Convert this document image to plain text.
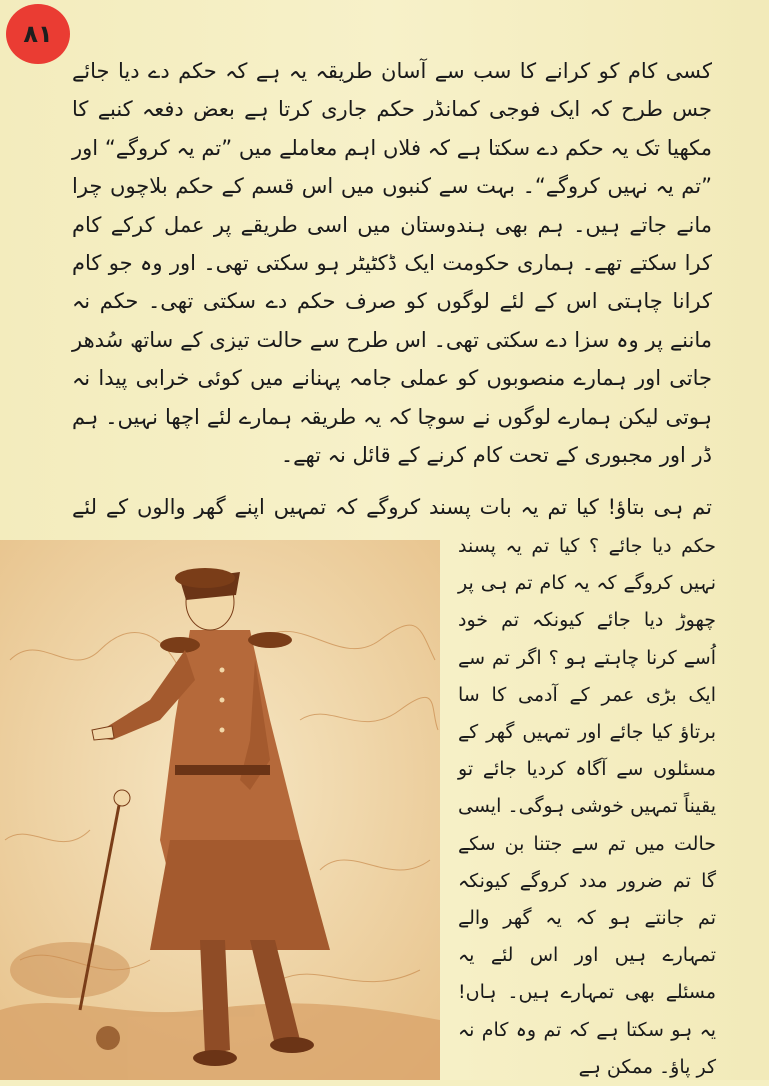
۸۱
کسی کام کو کرانے کا سب سے آسان طریقہ یہ ہے کہ حکم دے دیا جائے جس طرح کہ ایک فوجی کمانڈر حکم جاری کرتا ہے بعض دفعہ کنبے کا مکھیا تک یہ حکم دے سکتا ہے کہ فلاں اہم معاملے میں ”تم یہ کروگے“ اور ”تم یہ نہیں کروگے“۔ بہت سے کنبوں میں اس قسم کے حکم بلاچوں چرا مانے جاتے ہیں۔ ہم بھی ہندوستان میں اسی طریقے پر عمل کرکے کام کرا سکتے تھے۔ ہماری حکومت ایک ڈکٹیٹر ہو سکتی تھی۔ اور وہ جو کام کرانا چاہتی اس کے لئے لوگوں کو صرف حکم دے سکتی تھی۔ حکم نہ ماننے پر وہ سزا دے سکتی تھی۔ اس طرح سے حالت تیزی کے ساتھ سُدھر جاتی اور ہمارے منصوبوں کو عملی جامہ پہنانے میں کوئی خرابی پیدا نہ ہوتی لیکن ہمارے لوگوں نے سوچا کہ یہ طریقہ ہمارے لئے اچھا نہیں۔ ہم ڈر اور مجبوری کے تحت کام کرنے کے قائل نہ تھے۔
تم ہی بتاؤ! کیا تم یہ بات پسند کروگے کہ تمہیں اپنے گھر والوں کے لئے
حکم دیا جائے ؟ کیا تم یہ پسند نہیں کروگے کہ یہ کام تم ہی پر چھوڑ دیا جائے کیونکہ تم خود اُسے کرنا چاہتے ہو ؟ اگر تم سے ایک بڑی عمر کے آدمی کا سا برتاؤ کیا جائے اور تمہیں گھر کے مسئلوں سے آگاہ کردیا جائے تو یقیناً تمہیں خوشی ہوگی۔ ایسی حالت میں تم سے جتنا بن سکے گا تم ضرور مدد کروگے کیونکہ تم جانتے ہو کہ یہ گھر والے تمہارے ہیں اور اس لئے یہ مسئلے بھی تمہارے ہیں۔ ہاں! یہ ہو سکتا ہے کہ تم وہ کام نہ کر پاؤ۔ ممکن ہے
